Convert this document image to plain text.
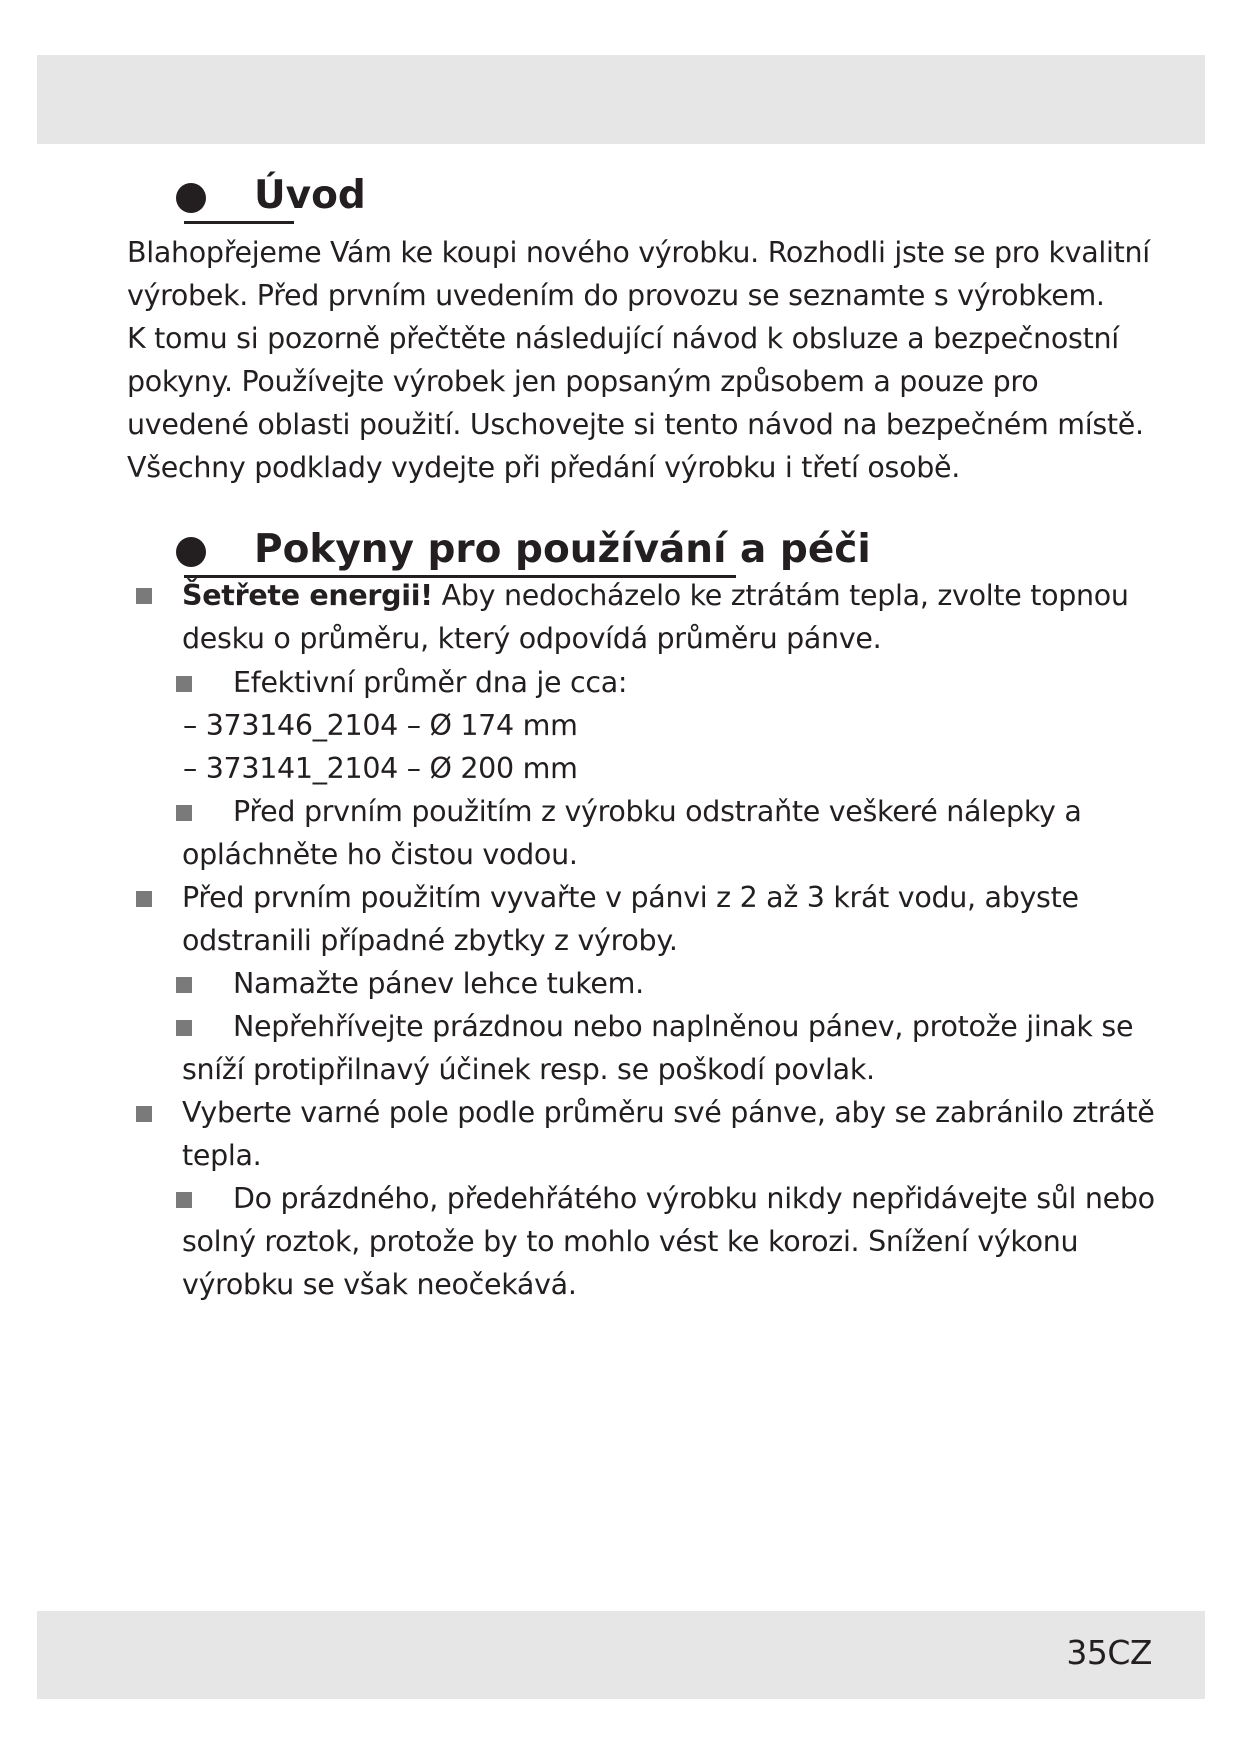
Úvod
Blahopřejeme Vám ke koupi nového výrobku. Rozhodli jste se pro kvalitní
výrobek. Před prvním uvedením do provozu se seznamte s výrobkem.
K tomu si pozorně přečtěte následující návod k obsluze a bezpečnostní
pokyny. Používejte výrobek jen popsaným způsobem a pouze pro
uvedené oblasti použití. Uschovejte si tento návod na bezpečném místě.
Všechny podklady vydejte při předání výrobku i třetí osobě.
Pokyny pro používání a péči
Šetřete energii! Aby nedocházelo ke ztrátám tepla, zvolte topnou
desku o průměru, který odpovídá průměru pánve.
Efektivní průměr dna je cca:
– 373146_2104 – Ø 174 mm
– 373141_2104 – Ø 200 mm
Před prvním použitím z výrobku odstraňte veškeré nálepky a
opláchněte ho čistou vodou.
Před prvním použitím vyvařte v pánvi z 2 až 3 krát vodu, abyste
odstranili případné zbytky z výroby.
Namažte pánev lehce tukem.
Nepřehřívejte prázdnou nebo naplněnou pánev, protože jinak se
sníží protipřilnavý účinek resp. se poškodí povlak.
Vyberte varné pole podle průměru své pánve, aby se zabránilo ztrátě
tepla.
Do prázdného, předehřátého výrobku nikdy nepřidávejte sůl nebo
solný roztok, protože by to mohlo vést ke korozi. Snížení výkonu
výrobku se však neočekává.
35CZ
